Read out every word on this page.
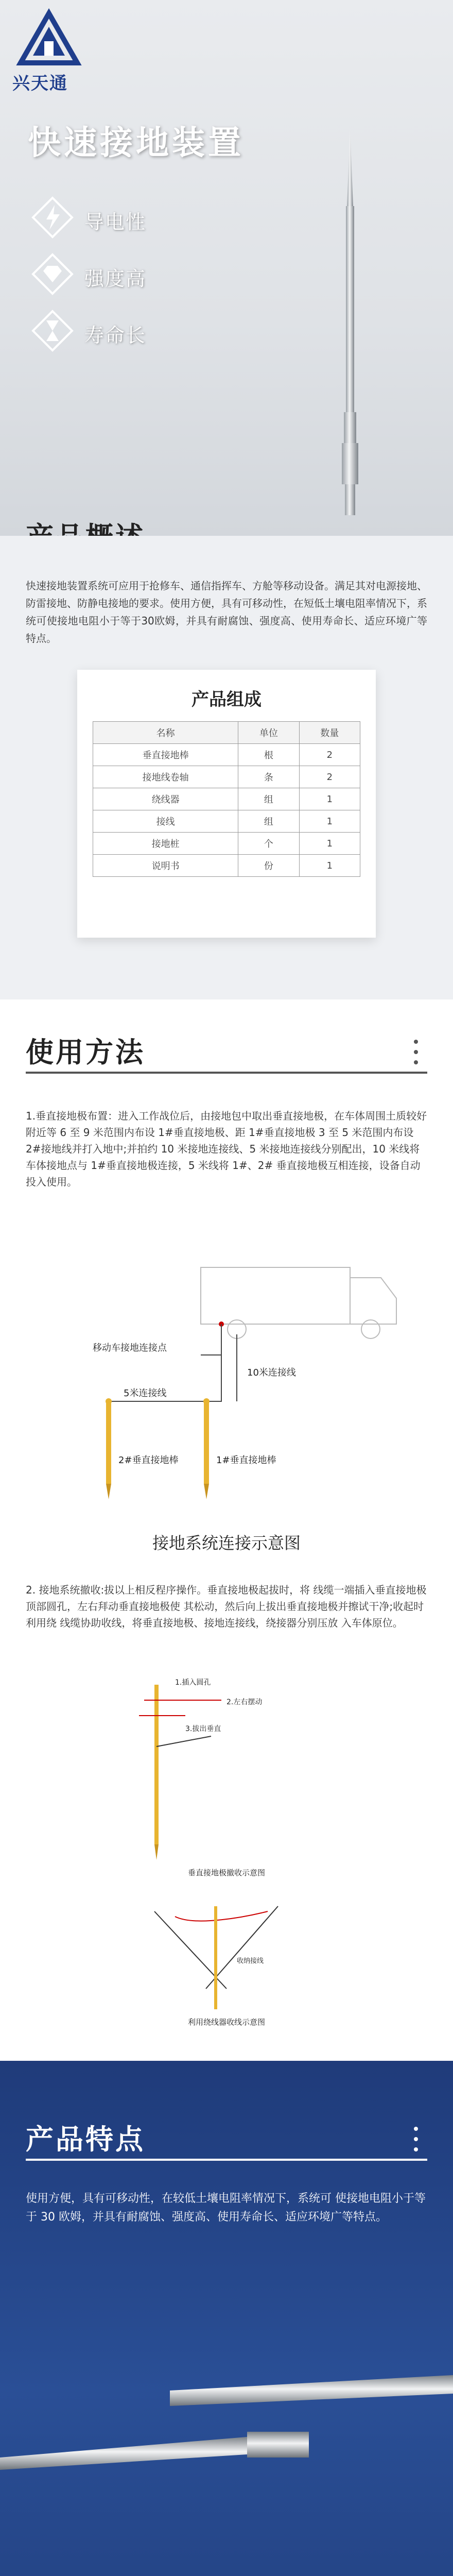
兴天通
快速接地装置
导电性
强度高
寿命长
快速接地装置系统可应用于抢修车、通信指挥车、方舱等移动设备。满足其对电源接地、防雷接地、防静电接地的要求。使用方便，具有可移动性，在短低土壤电阻率情况下，系统可使接地电阻小于等于30欧姆，并具有耐腐蚀、强度高、使用寿命长、适应环境广等特点。
产品组成
名称	单位	数量
垂直接地棒	根	2
接地线卷轴	条	2
绕线器	组	1
接线	组	1
接地桩	个	1
说明书	份	1
使用方法
1.垂直接地极布置：进入工作战位后，由接地包中取出垂直接地极，在车体周围土质较好附近等 6 至 9 米范围内布设 1#垂直接地极、距 1#垂直接地极 3 至 5 米范围内布设 2#接地线并打入地中;并拍约 10 米接地连接线、5 米接地连接线分别配出，10 米线将车体接地点与 1#垂直接地极连接，5 米线将 1#、2# 垂直接地极互相连接，设备自动投入使用。
移动车接地连接点
5米连接线
10米连接线
2#垂直接地棒	1#垂直接地棒
接地系统连接示意图
2. 接地系统撤收:拔以上相反程序操作。垂直接地极起拔时，将 线缆一端插入垂直接地极顶部圆孔，左右拜动垂直接地极使 其松动，然后向上拔出垂直接地极并擦试干净;收起时利用绕 线缆协助收线，将垂直接地极、接地连接线，绕接器分别压放 入车体原位。
1.插入圆孔
2.左右摆动
3.拔出垂直
垂直接地极撤收示意图
收纳接线
利用绕线器收线示意图
产品特点
使用方便，具有可移动性，在较低土壤电阻率情况下，系统可 使接地电阻小于等于 30 欧姆，并具有耐腐蚀、强度高、使用寿命长、适应环境广等特点。
